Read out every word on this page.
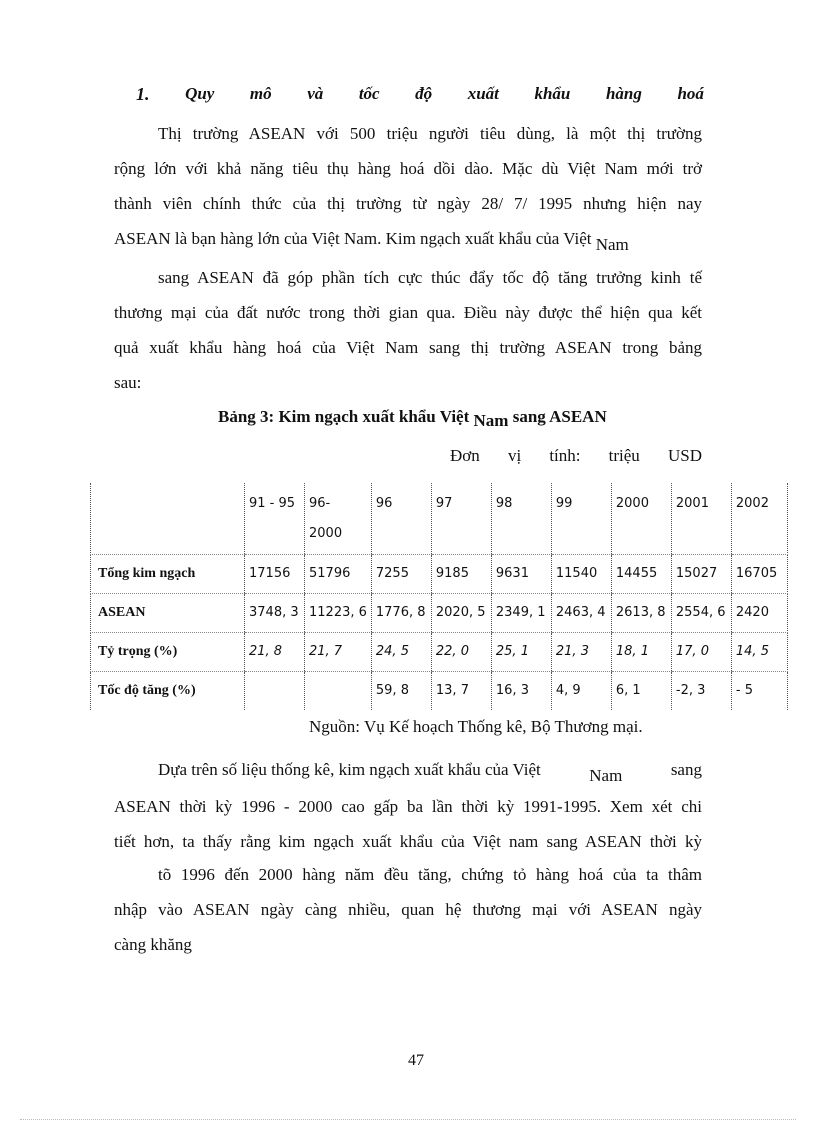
1. Quy mô và tốc độ xuất khẩu hàng hoá

Thị trường ASEAN với 500 triệu người tiêu dùng, là một thị trường

rộng lớn với khả năng tiêu thụ hàng hoá dồi dào. Mặc dù Việt Nam mới trở

thành viên chính thức của thị trường từ ngày 28/ 7/ 1995 nhưng hiện nay

ASEAN là bạn hàng lớn của Việt Nam. Kim ngạch xuất khẩu của Việt Nam

sang ASEAN đã góp phần tích cực thúc đẩy tốc độ tăng trưởng kinh tế

thương mại của đất nước trong thời gian qua. Điều này được thể hiện qua kết

quả xuất khẩu hàng hoá của Việt Nam sang thị trường ASEAN trong bảng

sau:

Bảng 3: Kim ngạch xuất khẩu Việt Nam sang ASEAN
Đơn vị tính: triệu USD
	91 - 95	96-
2000	96	97	98	99	2000	2001	2002
Tổng kim ngạch	17156	51796	7255	9185	9631	11540	14455	15027	16705
ASEAN	3748, 3	11223, 6	1776, 8	2020, 5	2349, 1	2463, 4	2613, 8	2554, 6	2420
Tỷ trọng (%)	21, 8	21, 7	24, 5	22, 0	25, 1	21, 3	18, 1	17, 0	14, 5
Tốc độ tăng (%)			59, 8	13, 7	16, 3	4, 9	6, 1	-2, 3	- 5

Nguồn: Vụ Kế hoạch Thống kê, Bộ Thương mại.

Dựa trên số liệu thống kê, kim ngạch xuất khẩu của Việt	Nam	sang

ASEAN thời kỳ 1996 - 2000 cao gấp ba lần thời kỳ 1991-1995. Xem xét chi

tiết hơn, ta thấy rằng kim ngạch xuất khẩu của Việt nam sang ASEAN thời kỳ

tõ 1996 đến 2000 hàng năm đều tăng, chứng tỏ hàng hoá của ta thâm

nhập vào ASEAN ngày càng nhiều, quan hệ thương mại với ASEAN ngày

càng khăng

47
